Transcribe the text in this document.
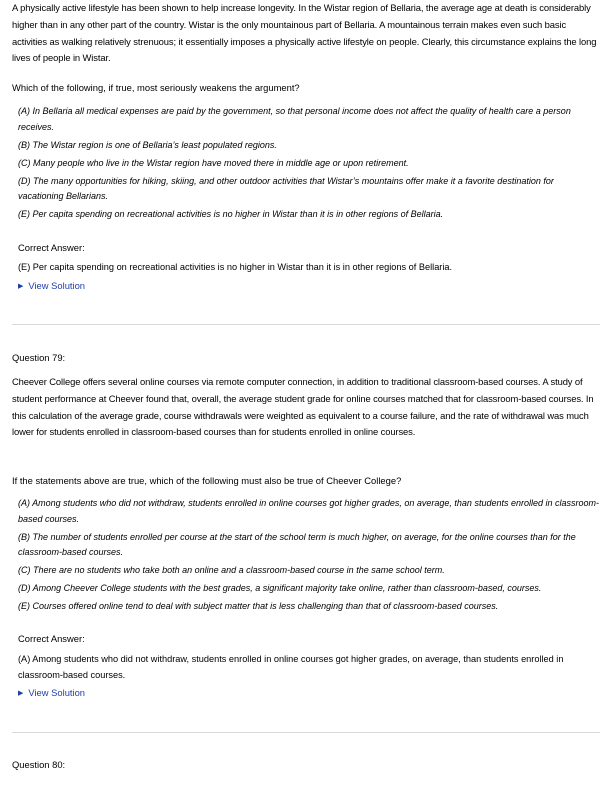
A physically active lifestyle has been shown to help increase longevity. In the Wistar region of Bellaria, the average age at death is considerably higher than in any other part of the country. Wistar is the only mountainous part of Bellaria. A mountainous terrain makes even such basic activities as walking relatively strenuous; it essentially imposes a physically active lifestyle on people. Clearly, this circumstance explains the long lives of people in Wistar.
Which of the following, if true, most seriously weakens the argument?
(A) In Bellaria all medical expenses are paid by the government, so that personal income does not affect the quality of health care a person receives.
(B) The Wistar region is one of Bellaria’s least populated regions.
(C) Many people who live in the Wistar region have moved there in middle age or upon retirement.
(D) The many opportunities for hiking, skiing, and other outdoor activities that Wistar’s mountains offer make it a favorite destination for vacationing Bellarians.
(E) Per capita spending on recreational activities is no higher in Wistar than it is in other regions of Bellaria.
Correct Answer:
(E) Per capita spending on recreational activities is no higher in Wistar than it is in other regions of Bellaria.
▶ View Solution
Question 79:
Cheever College offers several online courses via remote computer connection, in addition to traditional classroom-based courses. A study of student performance at Cheever found that, overall, the average student grade for online courses matched that for classroom-based courses. In this calculation of the average grade, course withdrawals were weighted as equivalent to a course failure, and the rate of withdrawal was much lower for students enrolled in classroom-based courses than for students enrolled in online courses.
If the statements above are true, which of the following must also be true of Cheever College?
(A) Among students who did not withdraw, students enrolled in online courses got higher grades, on average, than students enrolled in classroom-based courses.
(B) The number of students enrolled per course at the start of the school term is much higher, on average, for the online courses than for the classroom-based courses.
(C) There are no students who take both an online and a classroom-based course in the same school term.
(D) Among Cheever College students with the best grades, a significant majority take online, rather than classroom-based, courses.
(E) Courses offered online tend to deal with subject matter that is less challenging than that of classroom-based courses.
Correct Answer:
(A) Among students who did not withdraw, students enrolled in online courses got higher grades, on average, than students enrolled in classroom-based courses.
▶ View Solution
Question 80:
